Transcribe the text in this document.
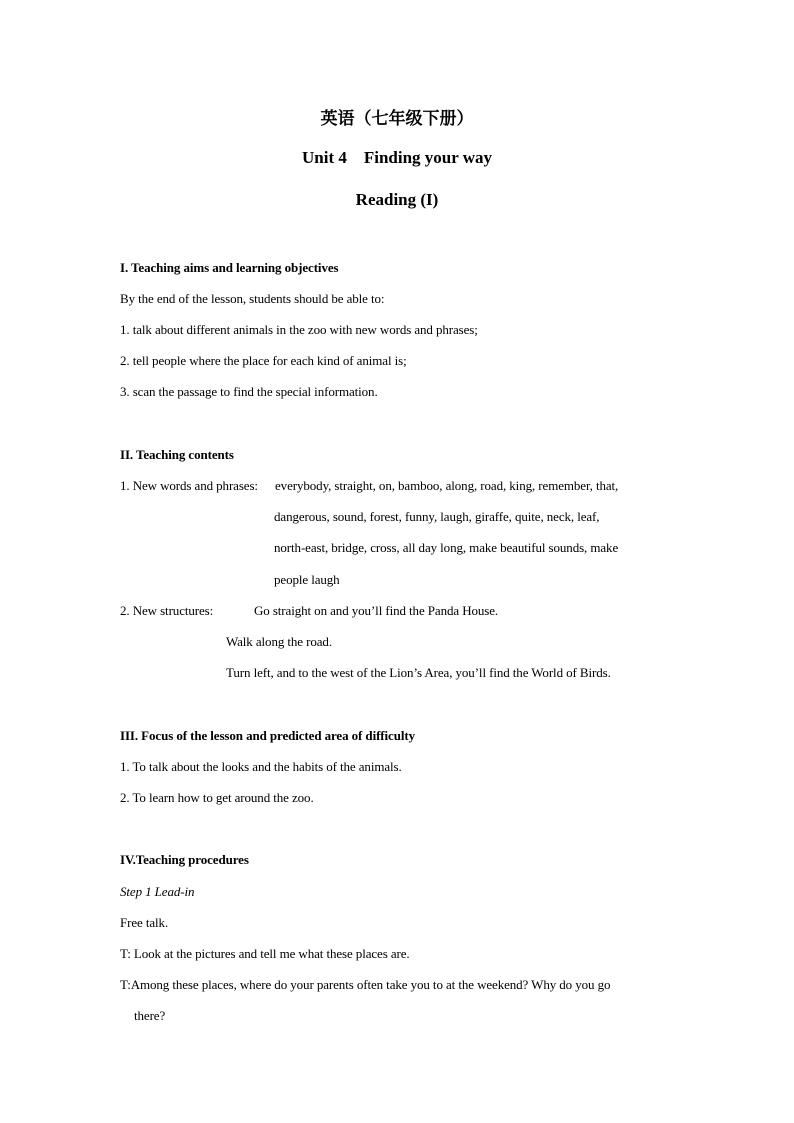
英语（七年级下册）
Unit 4    Finding your way
Reading (I)
I. Teaching aims and learning objectives
By the end of the lesson, students should be able to:
1. talk about different animals in the zoo with new words and phrases;
2. tell people where the place for each kind of animal is;
3. scan the passage to find the special information.
II. Teaching contents
1. New words and phrases: everybody, straight, on, bamboo, along, road, king, remember, that,
dangerous, sound, forest, funny, laugh, giraffe, quite, neck, leaf,
north-east, bridge, cross, all day long, make beautiful sounds, make
people laugh
2. New structures:	Go straight on and you’ll find the Panda House.
Walk along the road.
Turn left, and to the west of the Lion’s Area, you’ll find the World of Birds.
III. Focus of the lesson and predicted area of difficulty
1. To talk about the looks and the habits of the animals.
2. To learn how to get around the zoo.
IV.Teaching procedures
Step 1 Lead-in
Free talk.
T: Look at the pictures and tell me what these places are.
T:Among these places, where do your parents often take you to at the weekend? Why do you go
there?
